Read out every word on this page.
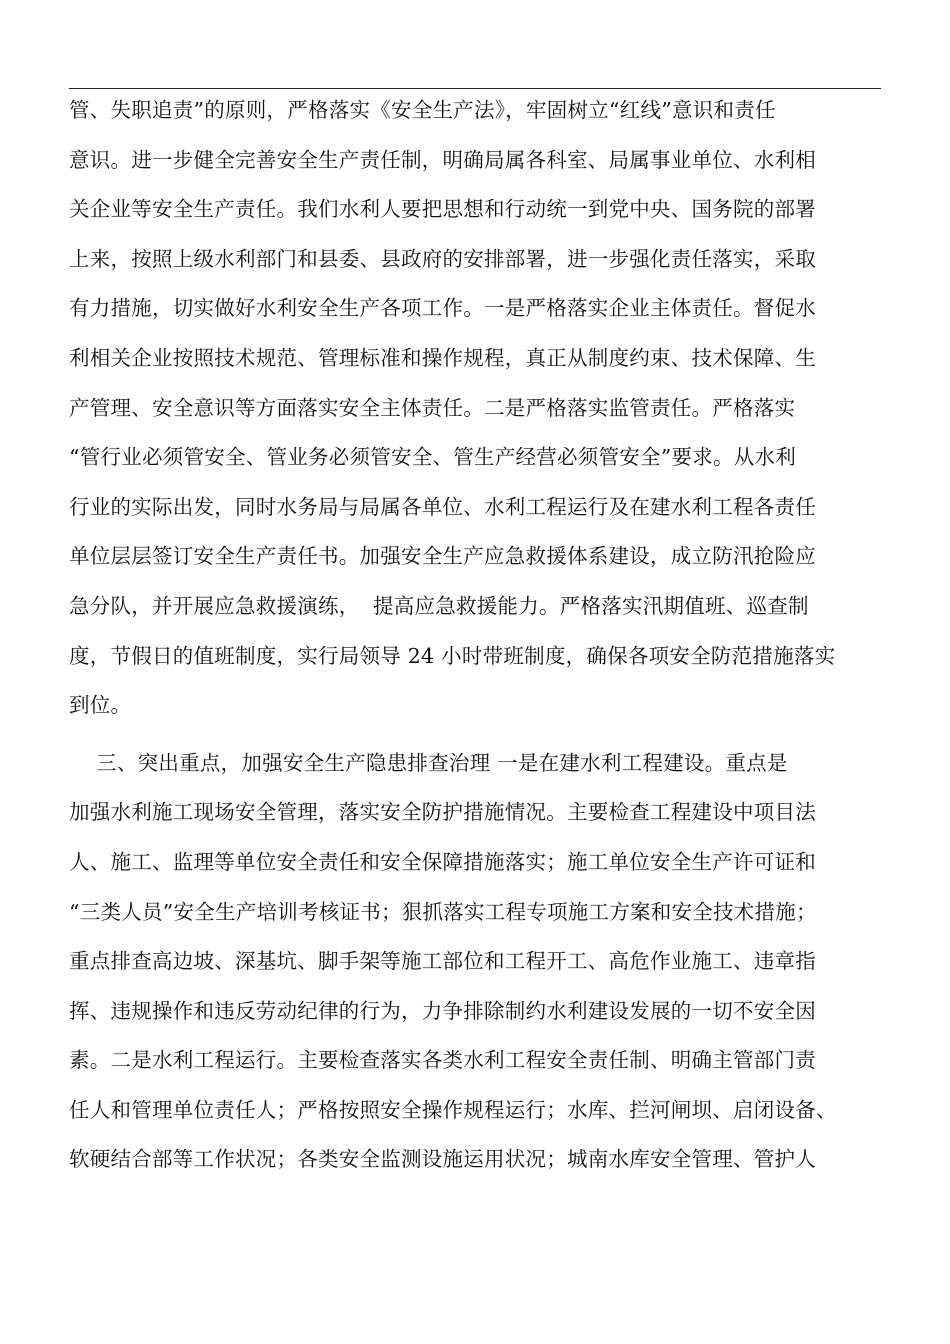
管、失职追责”的原则，严格落实《安全生产法》，牢固树立“红线”意识和责任
意识。进一步健全完善安全生产责任制，明确局属各科室、局属事业单位、水利相
关企业等安全生产责任。我们水利人要把思想和行动统一到党中央、国务院的部署
上来，按照上级水利部门和县委、县政府的安排部署，进一步强化责任落实，采取
有力措施，切实做好水利安全生产各项工作。一是严格落实企业主体责任。督促水
利相关企业按照技术规范、管理标准和操作规程，真正从制度约束、技术保障、生
产管理、安全意识等方面落实安全主体责任。二是严格落实监管责任。严格落实
“管行业必须管安全、管业务必须管安全、管生产经营必须管安全”要求。从水利
行业的实际出发，同时水务局与局属各单位、水利工程运行及在建水利工程各责任
单位层层签订安全生产责任书。加强安全生产应急救援体系建设，成立防汛抢险应
急分队，并开展应急救援演练，  提高应急救援能力。严格落实汛期值班、巡查制
度，节假日的值班制度，实行局领导 24 小时带班制度，确保各项安全防范措施落实
到位。
三、突出重点，加强安全生产隐患排查治理 一是在建水利工程建设。重点是
加强水利施工现场安全管理，落实安全防护措施情况。主要检查工程建设中项目法
人、施工、监理等单位安全责任和安全保障措施落实；施工单位安全生产许可证和
“三类人员”安全生产培训考核证书；狠抓落实工程专项施工方案和安全技术措施；
重点排查高边坡、深基坑、脚手架等施工部位和工程开工、高危作业施工、违章指
挥、违规操作和违反劳动纪律的行为，力争排除制约水利建设发展的一切不安全因
素。二是水利工程运行。主要检查落实各类水利工程安全责任制、明确主管部门责
任人和管理单位责任人；严格按照安全操作规程运行；水库、拦河闸坝、启闭设备、
软硬结合部等工作状况；各类安全监测设施运用状况；城南水库安全管理、管护人
